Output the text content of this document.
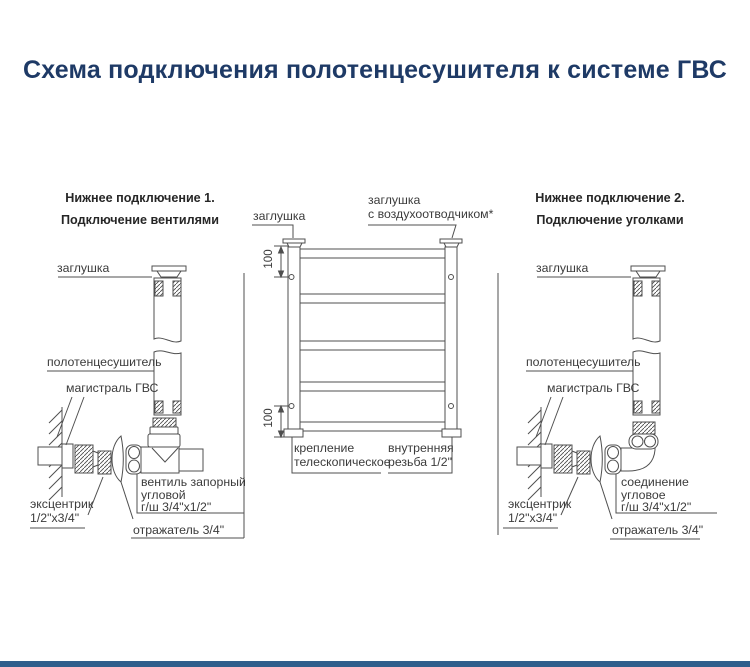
Схема подключения полотенцесушителя к системе ГВС
Нижнее подключение 1.
Подключение вентилями
заглушка
полотенцесушитель
магистраль ГВС
эксцентрик
1/2"х3/4"
вентиль запорный
угловой
г/ш 3/4"х1/2"
отражатель 3/4"
заглушка
заглушка
с воздухоотводчиком*
100
100
крепление
телескопическое
внутренняя
резьба 1/2"
Нижнее подключение 2.
Подключение уголками
заглушка
полотенцесушитель
магистраль ГВС
эксцентрик
1/2"х3/4"
соединение
угловое
г/ш 3/4"х1/2"
отражатель 3/4"
